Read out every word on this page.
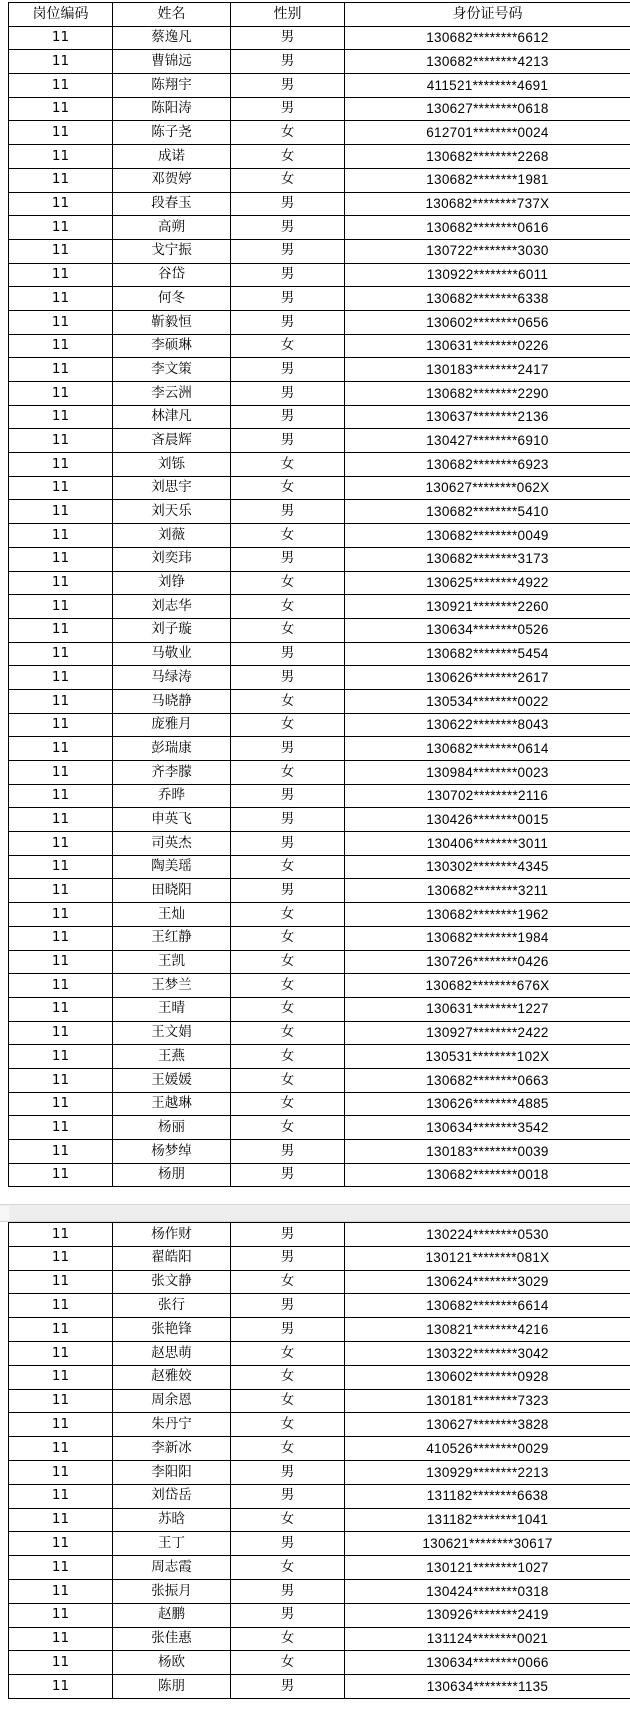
岗位编码	姓名	性别	身份证号码
11	蔡逸凡	男	130682********6612
11	曹锦远	男	130682********4213
11	陈翔宇	男	411521********4691
11	陈阳涛	男	130627********0618
11	陈子尧	女	612701********0024
11	成诺	女	130682********2268
11	邓贺婷	女	130682********1981
11	段春玉	男	130682********737X
11	高朔	男	130682********0616
11	戈宁振	男	130722********3030
11	谷岱	男	130922********6011
11	何冬	男	130682********6338
11	靳毅恒	男	130602********0656
11	李硕琳	女	130631********0226
11	李文策	男	130183********2417
11	李云洲	男	130682********2290
11	林津凡	男	130637********2136
11	吝晨辉	男	130427********6910
11	刘铄	女	130682********6923
11	刘思宇	女	130627********062X
11	刘天乐	男	130682********5410
11	刘薇	女	130682********0049
11	刘奕玮	男	130682********3173
11	刘铮	女	130625********4922
11	刘志华	女	130921********2260
11	刘子璇	女	130634********0526
11	马敬业	男	130682********5454
11	马绿涛	男	130626********2617
11	马晓静	女	130534********0022
11	庞雅月	女	130622********8043
11	彭瑞康	男	130682********0614
11	齐李朦	女	130984********0023
11	乔晔	男	130702********2116
11	申英飞	男	130426********0015
11	司英杰	男	130406********3011
11	陶美瑶	女	130302********4345
11	田晓阳	男	130682********3211
11	王灿	女	130682********1962
11	王红静	女	130682********1984
11	王凯	女	130726********0426
11	王梦兰	女	130682********676X
11	王晴	女	130631********1227
11	王文娟	女	130927********2422
11	王燕	女	130531********102X
11	王媛媛	女	130682********0663
11	王越琳	女	130626********4885
11	杨丽	女	130634********3542
11	杨梦绰	男	130183********0039
11	杨朋	男	130682********0018
11	杨作财	男	130224********0530
11	翟皓阳	男	130121********081X
11	张文静	女	130624********3029
11	张行	男	130682********6614
11	张艳锋	男	130821********4216
11	赵思萌	女	130322********3042
11	赵雅姣	女	130602********0928
11	周余恩	女	130181********7323
11	朱丹宁	女	130627********3828
11	李新冰	女	410526********0029
11	李阳阳	男	130929********2213
11	刘岱岳	男	131182********6638
11	苏晗	女	131182********1041
11	王丁	男	130621********30617
11	周志霞	女	130121********1027
11	张振月	男	130424********0318
11	赵鹏	男	130926********2419
11	张佳惠	女	131124********0021
11	杨欧	女	130634********0066
11	陈朋	男	130634********1135
